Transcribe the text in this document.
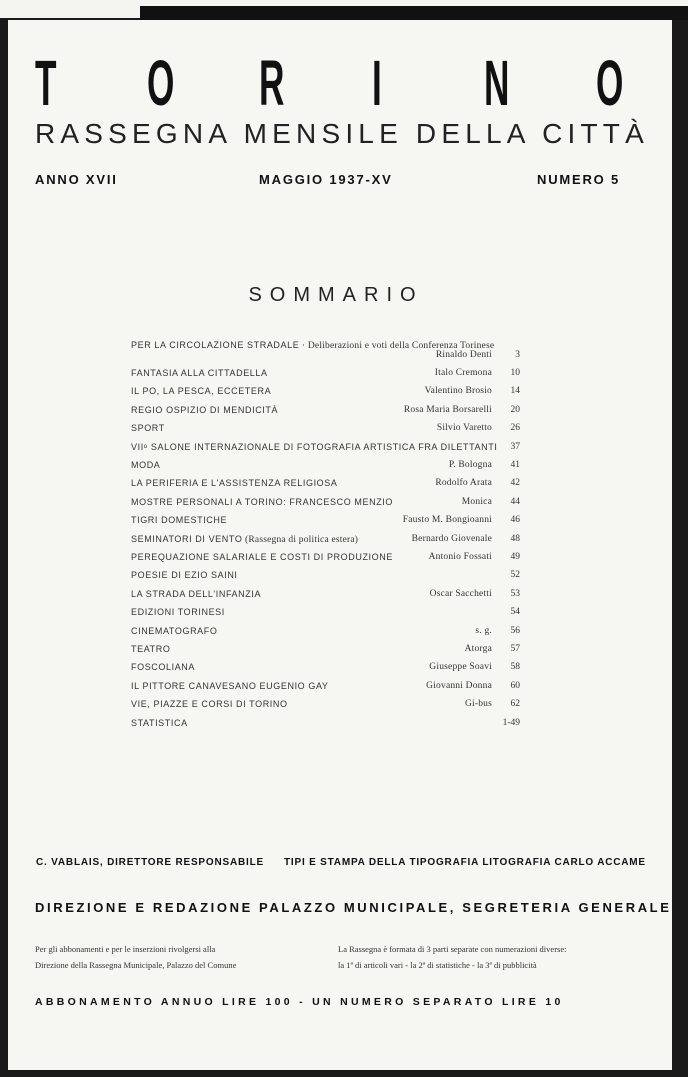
T O R I N O
RASSEGNA MENSILE DELLA CITTÀ
ANNO XVII	MAGGIO 1937-XV	NUMERO 5
SOMMARIO
PER LA CIRCOLAZIONE STRADALE · Deliberazioni e voti della Conferenza Torinese
Rinaldo Denti 3
FANTASIA ALLA CITTADELLA	Italo Cremona 10
IL PO, LA PESCA, ECCETERA	Valentino Brosio 14
REGIO OSPIZIO DI MENDICITÀ	Rosa Maria Borsarelli 20
SPORT	Silvio Varetto 26
VIIᵒ SALONE INTERNAZIONALE DI FOTOGRAFIA ARTISTICA FRA DILETTANTI 37
MODA	P. Bologna 41
LA PERIFERIA E L'ASSISTENZA RELIGIOSA	Rodolfo Arata 42
MOSTRE PERSONALI A TORINO: FRANCESCO MENZIO	Monica 44
TIGRI DOMESTICHE	Fausto M. Bongioanni 46
SEMINATORI DI VENTO (Rassegna di politica estera)	Bernardo Giovenale 48
PEREQUAZIONE SALARIALE E COSTI DI PRODUZIONE	Antonio Fossati 49
POESIE DI EZIO SAINI	52
LA STRADA DELL'INFANZIA	Oscar Sacchetti 53
EDIZIONI TORINESI	54
CINEMATOGRAFO	s. g. 56
TEATRO	Atorga 57
FOSCOLIANA	Giuseppe Soavi 58
IL PITTORE CANAVESANO EUGENIO GAY	Giovanni Donna 60
VIE, PIAZZE E CORSI DI TORINO	Gi-bus 62
STATISTICA	1-49
C. VABLAIS, DIRETTORE RESPONSABILE TIPI E STAMPA DELLA TIPOGRAFIA LITOGRAFIA CARLO ACCAME
DIREZIONE E REDAZIONE PALAZZO MUNICIPALE, SEGRETERIA GENERALE
Per gli abbonamenti e per le inserzioni rivolgersi alla
Direzione della Rassegna Municipale, Palazzo del Comune
La Rassegna è formata di 3 parti separate con numerazioni diverse:
la 1ª di articoli vari - la 2ª di statistiche - la 3ª di pubblicità
ABBONAMENTO ANNUO LIRE 100 - UN NUMERO SEPARATO LIRE 10
